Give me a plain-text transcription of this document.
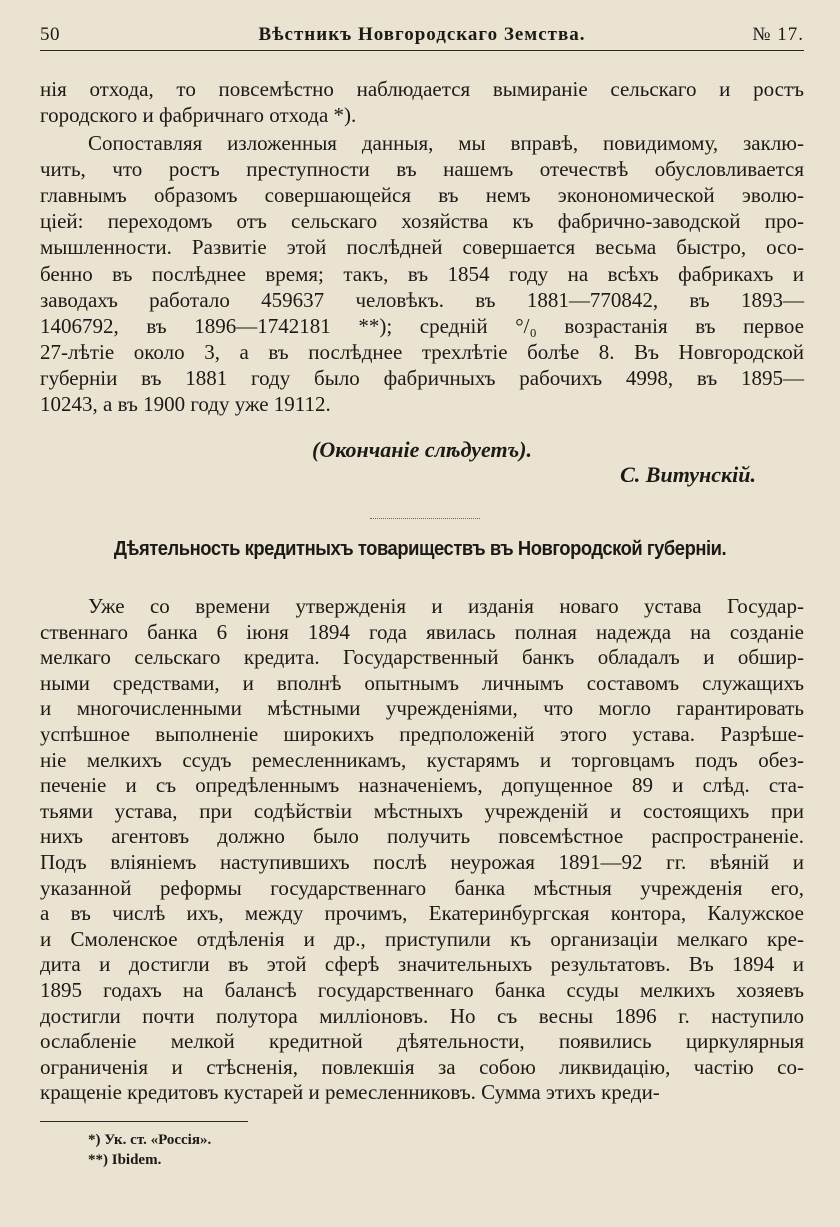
50	Вѣстникъ Новгородскаго Земства.	№ 17.
нія отхода, то повсемѣстно наблюдается вымираніе сельскаго и ростъ
городского и фабричнаго отхода *).
Сопоставляя изложенныя данныя, мы вправѣ, повидимому, заклю-
чить, что ростъ преступности въ нашемъ отечествѣ обусловливается
главнымъ образомъ совершающейся въ немъ эконономической эволю-
ціей: переходомъ отъ сельскаго хозяйства къ фабрично-заводской про-
мышленности. Развитіе этой послѣдней совершается весьма быстро, осо-
бенно въ послѣднее время; такъ, въ 1854 году на всѣхъ фабрикахъ и
заводахъ работало 459637 человѣкъ. въ 1881—770842, въ 1893—
1406792, въ 1896—1742181 **); средній °/₀ возрастанія въ первое
27-лѣтіе около 3, а въ послѣднее трехлѣтіе болѣе 8. Въ Новгородской
губерніи въ 1881 году было фабричныхъ рабочихъ 4998, въ 1895—
10243, а въ 1900 году уже 19112.
Уже со времени утвержденія и изданія новаго устава Государ-
ственнаго банка 6 іюня 1894 года явилась полная надежда на созданіе
мелкаго сельскаго кредита. Государственный банкъ обладалъ и обшир-
ными средствами, и вполнѣ опытнымъ личнымъ составомъ служащихъ
и многочисленными мѣстными учрежденіями, что могло гарантировать
успѣшное выполненіе широкихъ предположеній этого устава. Разрѣше-
ніе мелкихъ ссудъ ремесленникамъ, кустарямъ и торговцамъ подъ обез-
печеніе и съ опредѣленнымъ назначеніемъ, допущенное 89 и слѣд. ста-
тьями устава, при содѣйствіи мѣстныхъ учрежденій и состоящихъ при
нихъ агентовъ должно было получить повсемѣстное распространеніе.
Подъ вліяніемъ наступившихъ послѣ неурожая 1891—92 гг. вѣяній и
указанной реформы государственнаго банка мѣстныя учрежденія его,
а въ числѣ ихъ, между прочимъ, Екатеринбургская контора, Калужское
и Смоленское отдѣленія и др., приступили къ организаціи мелкаго кре-
дита и достигли въ этой сферѣ значительныхъ результатовъ. Въ 1894 и
1895 годахъ на балансѣ государственнаго банка ссуды мелкихъ хозяевъ
достигли почти полутора милліоновъ. Но съ весны 1896 г. наступило
ослабленіе мелкой кредитной дѣятельности, появились циркулярныя
ограниченія и стѣсненія, повлекшія за собою ликвидацію, частію со-
кращеніе кредитовъ кустарей и ремесленниковъ. Сумма этихъ креди-
(Окончаніе слѣдуетъ).
С. Витунскій.
Дѣятельность кредитныхъ товариществъ въ Новгородской губерніи.
*) Ук. ст. «Россія».
**) Ibidem.
